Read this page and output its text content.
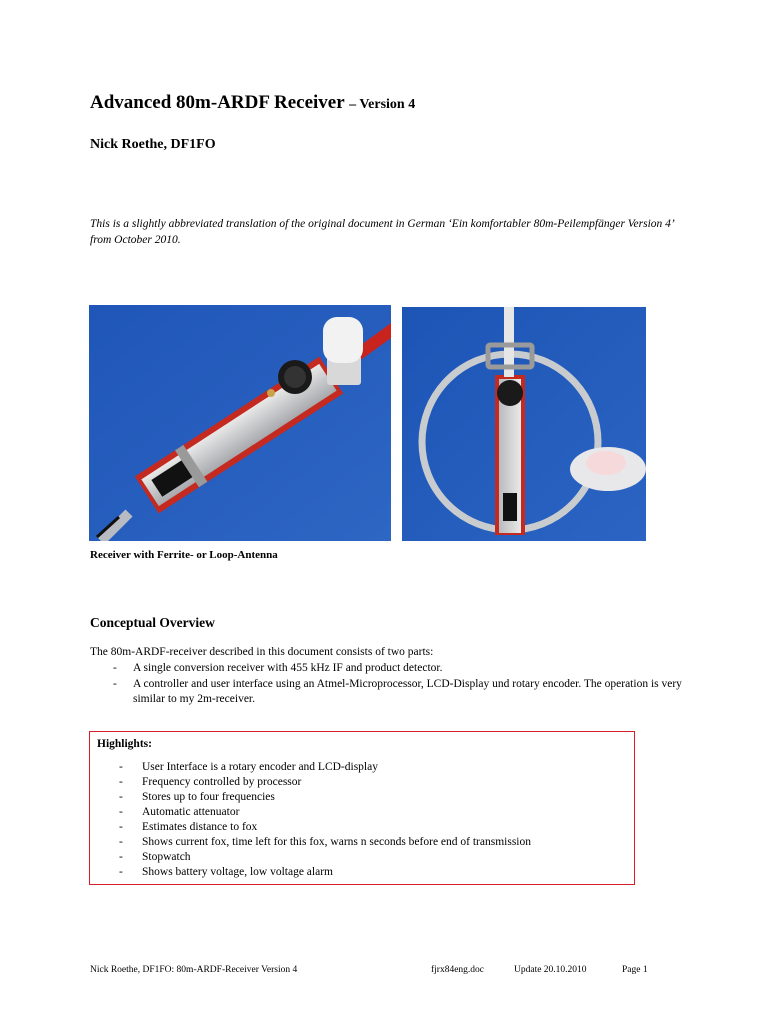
Advanced 80m-ARDF Receiver – Version 4
Nick Roethe, DF1FO
This is a slightly abbreviated translation of the original document in German ‘Ein komfortabler 80m-Peilempfänger Version 4’ from October 2010.
Receiver with Ferrite- or Loop-Antenna
Conceptual Overview
The 80m-ARDF-receiver described in this document consists of two parts:
- A single conversion receiver with 455 kHz IF and product detector.
- A controller and user interface using an Atmel-Microprocessor, LCD-Display und rotary encoder. The operation is very similar to my 2m-receiver.
Highlights:
- User Interface is a rotary encoder and LCD-display
- Frequency controlled by processor
- Stores up to four frequencies
- Automatic attenuator
- Estimates distance to fox
- Shows current fox, time left for this fox, warns n seconds before end of transmission
- Stopwatch
- Shows battery voltage, low voltage alarm
Nick Roethe, DF1FO: 80m-ARDF-Receiver Version 4	fjrx84eng.doc	Update 20.10.2010	Page 1
